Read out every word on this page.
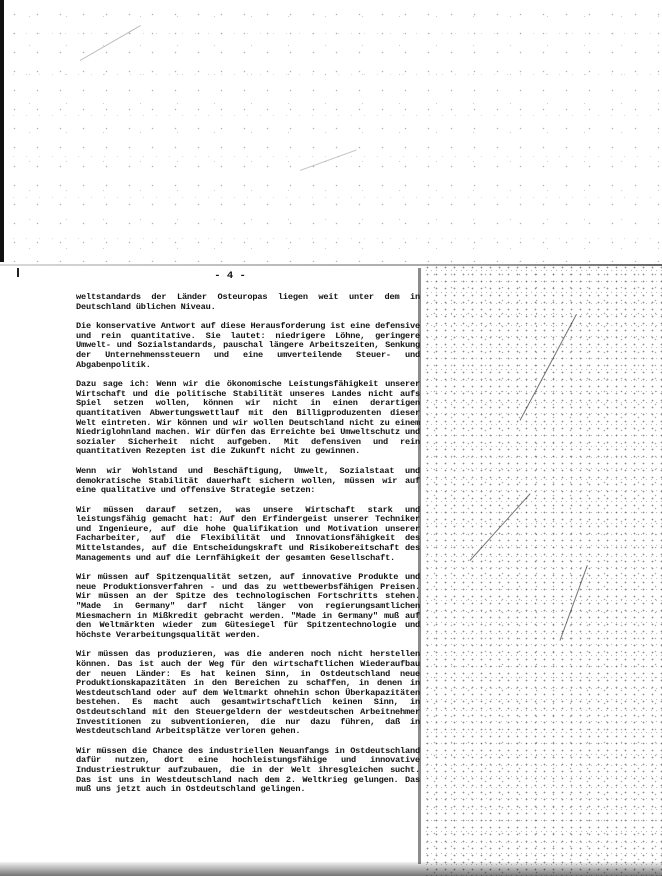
- 4 -

weltstandards der Länder Osteuropas liegen weit unter dem in Deutschland üblichen Niveau.

Die konservative Antwort auf diese Herausforderung ist eine defensive und rein quantitative. Sie lautet: niedrigere Löhne, geringere Umwelt- und Sozialstandards, pauschal längere Arbeitszeiten, Senkung der Unternehmenssteuern und eine umverteilende Steuer- und Abgabenpolitik.

Dazu sage ich: Wenn wir die ökonomische Leistungsfähigkeit unserer Wirtschaft und die politische Stabilität unseres Landes nicht aufs Spiel setzen wollen, können wir nicht in einen derartigen quantitativen Abwertungswettlauf mit den Billigproduzenten dieser Welt eintreten. Wir können und wir wollen Deutschland nicht zu einem Niedriglohnland machen. Wir dürfen das Erreichte bei Umweltschutz und sozialer Sicherheit nicht aufgeben. Mit defensiven und rein quantitativen Rezepten ist die Zukunft nicht zu gewinnen.

Wenn wir Wohlstand und Beschäftigung, Umwelt, Sozialstaat und demokratische Stabilität dauerhaft sichern wollen, müssen wir auf eine qualitative und offensive Strategie setzen:

Wir müssen darauf setzen, was unsere Wirtschaft stark und leistungsfähig gemacht hat: Auf den Erfindergeist unserer Techniker und Ingenieure, auf die hohe Qualifikation und Motivation unserer Facharbeiter, auf die Flexibilität und Innovationsfähigkeit des Mittelstandes, auf die Entscheidungskraft und Risikobereitschaft des Managements und auf die Lernfähigkeit der gesamten Gesellschaft.

Wir müssen auf Spitzenqualität setzen, auf innovative Produkte und neue Produktionsverfahren - und das zu wettbewerbsfähigen Preisen. Wir müssen an der Spitze des technologischen Fortschritts stehen. "Made in Germany" darf nicht länger von regierungsamtlichen Miesmachern in Mißkredit gebracht werden. "Made in Germany" muß auf den Weltmärkten wieder zum Gütesiegel für Spitzentechnologie und höchste Verarbeitungsqualität werden.

Wir müssen das produzieren, was die anderen noch nicht herstellen können. Das ist auch der Weg für den wirtschaftlichen Wiederaufbau der neuen Länder: Es hat keinen Sinn, in Ostdeutschland neue Produktionskapazitäten in den Bereichen zu schaffen, in denen in Westdeutschland oder auf dem Weltmarkt ohnehin schon Überkapazitäten bestehen. Es macht auch gesamtwirtschaftlich keinen Sinn, in Ostdeutschland mit den Steuergeldern der westdeutschen Arbeitnehmer Investitionen zu subventionieren, die nur dazu führen, daß in Westdeutschland Arbeitsplätze verloren gehen.

Wir müssen die Chance des industriellen Neuanfangs in Ostdeutschland dafür nutzen, dort eine hochleistungsfähige und innovative Industriestruktur aufzubauen, die in der Welt ihresgleichen sucht. Das ist uns in Westdeutschland nach dem 2. Weltkrieg gelungen. Das muß uns jetzt auch in Ostdeutschland gelingen.
